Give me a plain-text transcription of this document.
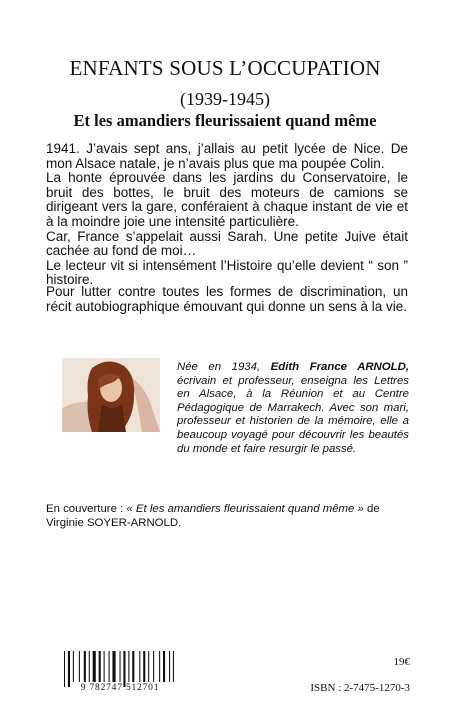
ENFANTS SOUS L’OCCUPATION
(1939-1945)
Et les amandiers fleurissaient quand même

1941. J’avais sept ans, j’allais au petit lycée de Nice. De mon Alsace natale, je n’avais plus que ma poupée Colin.

La honte éprouvée dans les jardins du Conservatoire, le bruit des bottes, le bruit des moteurs de camions se dirigeant vers la gare, conféraient à chaque instant de vie et à la moindre joie une intensité particulière.

Car, France s’appelait aussi Sarah. Une petite Juive était cachée au fond de moi…

Le lecteur vit si intensément l’Histoire qu’elle devient “ son ” histoire.

Pour lutter contre toutes les formes de discrimination, un récit autobiographique émouvant qui donne un sens à la vie.
Née en 1934, Edith France ARNOLD, écrivain et professeur, enseigna les Lettres en Alsace, à la Réunion et au Centre Pédagogique de Marrakech. Avec son mari, professeur et historien de la mémoire, elle a beaucoup voyagé pour découvrir les beautés du monde et faire resurgir le passé.
En couverture : « Et les amandiers fleurissaient quand même » de Virginie SOYER-ARNOLD.
9 782747 512701
19€
ISBN : 2-7475-1270-3
